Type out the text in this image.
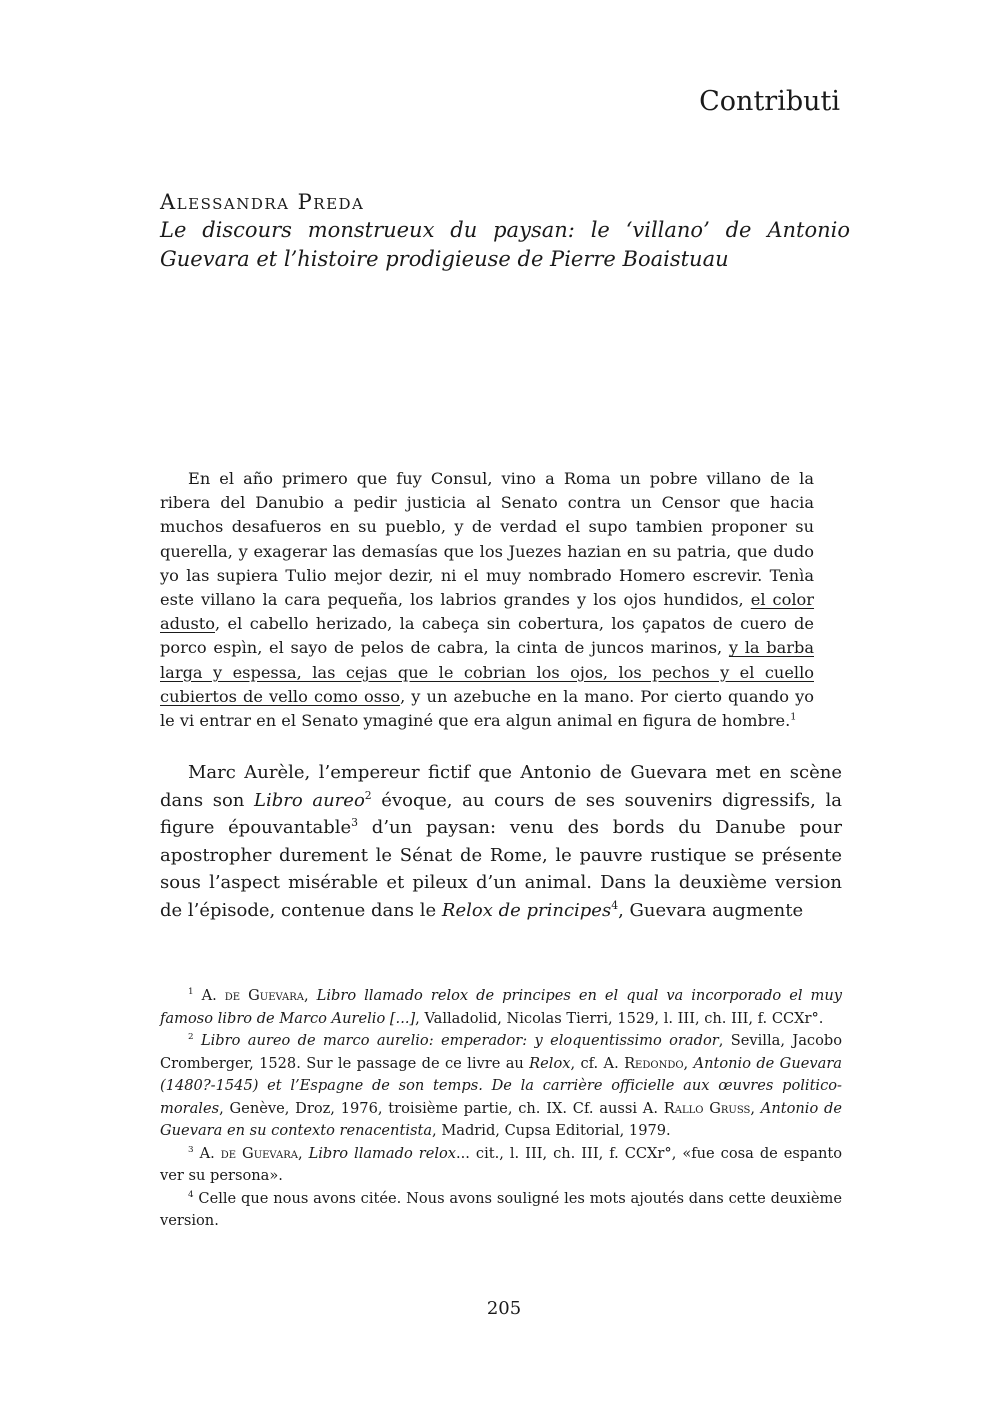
Contributi
Alessandra Preda
Le discours monstrueux du paysan: le ‘villano’ de Antonio Guevara et l’histoire prodigieuse de Pierre Boaistuau

En el año primero que fuy Consul, vino a Roma un pobre villano de la ribera del Danubio a pedir justicia al Senato contra un Censor que hacia muchos desafueros en su pueblo, y de verdad el supo tambien proponer su querella, y exagerar las demasías que los Juezes hazian en su patria, que dudo yo las supiera Tulio mejor dezir, ni el muy nombrado Homero escrevir. Tenìa este villano la cara pequeña, los labrios grandes y los ojos hundidos, el color adusto, el cabello herizado, la cabeça sin cobertura, los çapatos de cuero de porco espìn, el sayo de pelos de cabra, la cinta de juncos marinos, y la barba larga y espessa, las cejas que le cobrian los ojos, los pechos y el cuello cubiertos de vello como osso, y un azebuche en la mano. Por cierto quando yo le vi entrar en el Senato ymaginé que era algun animal en figura de hombre.$^1$

Marc Aurèle, l’empereur fictif que Antonio de Guevara met en scène dans son Libro aureo$^2$ évoque, au cours de ses souvenirs digressifs, la figure épouvantable$^3$ d’un paysan: venu des bords du Danube pour apostropher durement le Sénat de Rome, le pauvre rustique se présente sous l’aspect misérable et pileux d’un animal. Dans la deuxième version de l’épisode, contenue dans le Relox de principes$^4$, Guevara augmente

$^1$ A. de Guevara, Libro llamado relox de principes en el qual va incorporado el muy famoso libro de Marco Aurelio [...], Valladolid, Nicolas Tierri, 1529, l. III, ch. III, f. CCXr°.

$^2$ Libro aureo de marco aurelio: emperador: y eloquentissimo orador, Sevilla, Jacobo Cromberger, 1528. Sur le passage de ce livre au Relox, cf. A. Redondo, Antonio de Guevara (1480?-1545) et l’Espagne de son temps. De la carrière officielle aux œuvres politico-morales, Genève, Droz, 1976, troisième partie, ch. IX. Cf. aussi A. Rallo Gruss, Antonio de Guevara en su contexto renacentista, Madrid, Cupsa Editorial, 1979.

$^3$ A. de Guevara, Libro llamado relox... cit., l. III, ch. III, f. CCXr°, «fue cosa de espanto ver su persona».

$^4$ Celle que nous avons citée. Nous avons souligné les mots ajoutés dans cette deuxième version.

205
